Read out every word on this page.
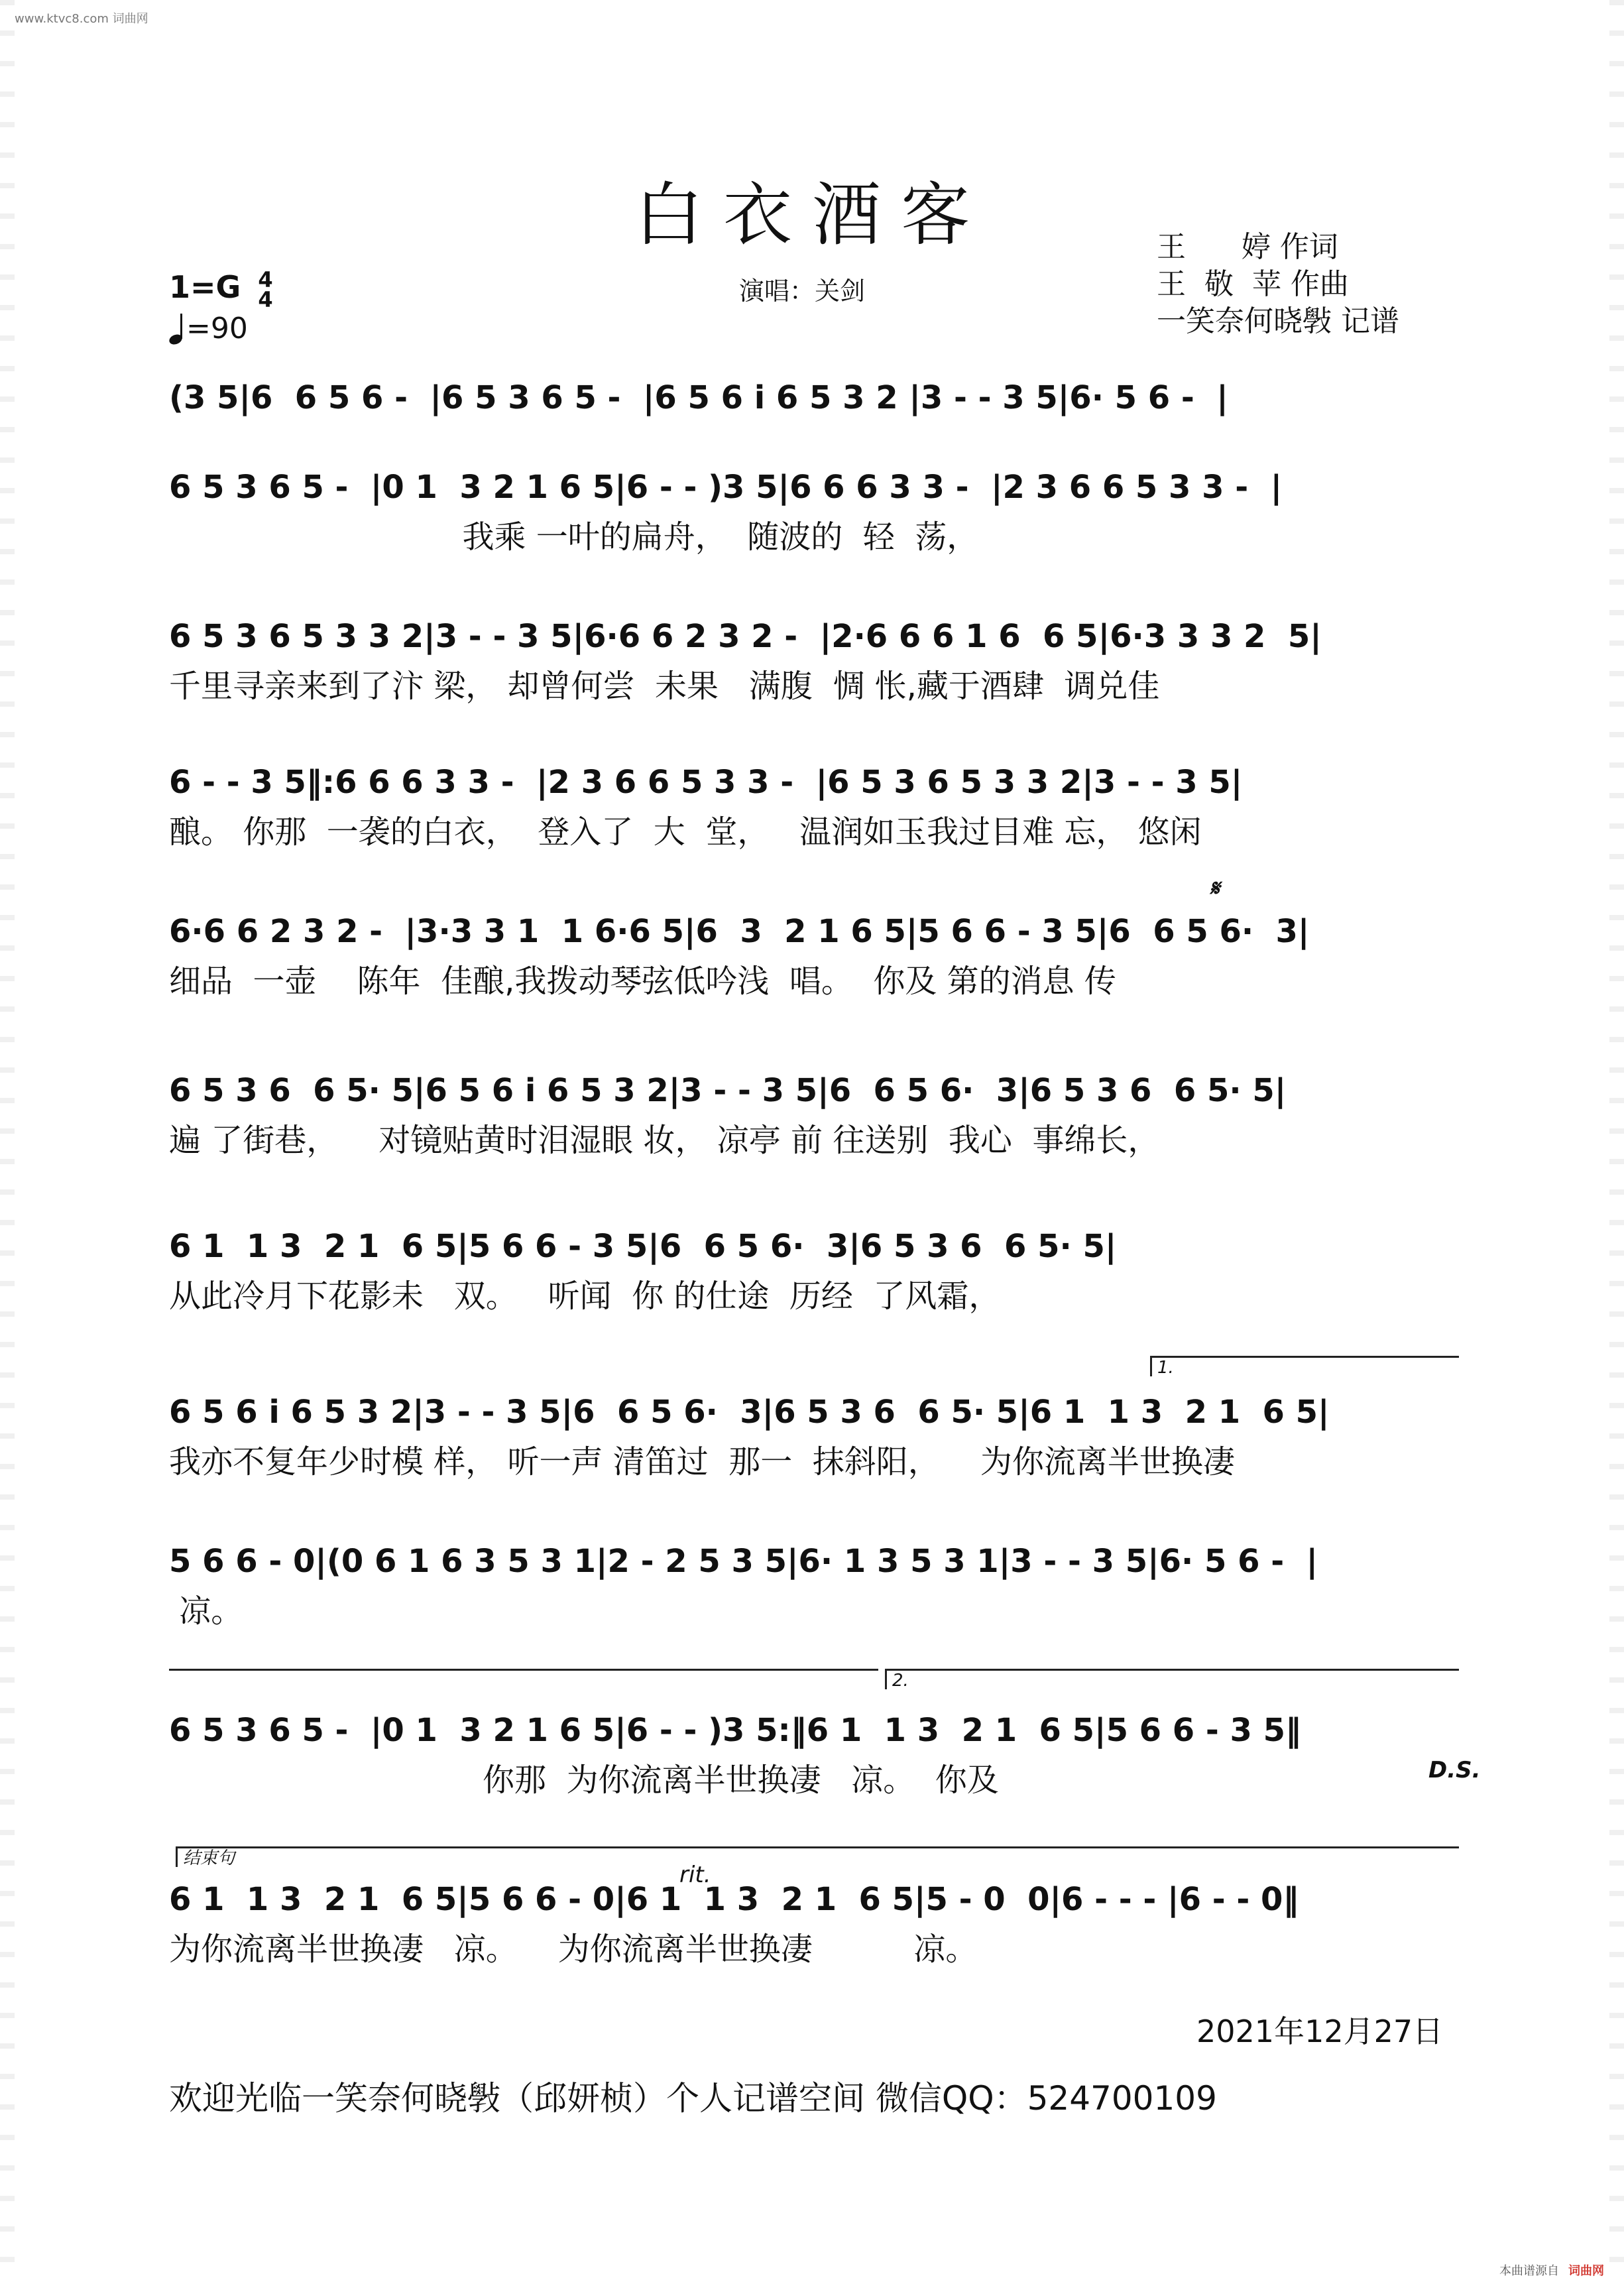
www.ktvc8.com 词曲网
白衣酒客	王      婷 作词
王  敬  苹 作曲
一笑奈何晓斅 记谱
演唱：关剑
1=G 4
4
=90
(3 5|6  6 5 6 -  |6 5 3 6 5 -  |6 5 6 i 6 5 3 2 |3 - - 3 5|6· 5 6 -  |
6 5 3 6 5 -  |0 1  3 2 1 6 5|6 - - )3 5|6 6 6 3 3 -  |2 3 6 6 5 3 3 -  |
我乘 一叶的扁舟，  随波的  轻  荡，
6 5 3 6 5 3 3 2|3 - - 3 5|6·6 6 2 3 2 -  |2·6 6 6 1 6  6 5|6·3 3 3 2  5|
千里寻亲来到了汴 梁， 却曾何尝  未果   满腹  惆 怅,藏于酒肆  调兑佳
6 - - 3 5‖:6 6 6 3 3 -  |2 3 6 6 5 3 3 -  |6 5 3 6 5 3 3 2|3 - - 3 5|
酿。 你那  一袭的白衣，  登入了  大  堂，   温润如玉我过目难 忘， 悠闲
𝄋
6·6 6 2 3 2 -  |3·3 3 1  1 6·6 5|6  3  2 1 6 5|5 6 6 - 3 5|6  6 5 6·  3|
细品  一壶    陈年  佳酿,我拨动琴弦低吟浅  唱。  你及 第的消息 传
6 5 3 6  6 5· 5|6 5 6 i 6 5 3 2|3 - - 3 5|6  6 5 6·  3|6 5 3 6  6 5· 5|
遍 了街巷，    对镜贴黄时泪湿眼 妆， 凉亭 前 往送别  我心  事绵长，
6 1  1 3  2 1  6 5|5 6 6 - 3 5|6  6 5 6·  3|6 5 3 6  6 5· 5|
从此冷月下花影未   双。   听闻  你 的仕途  历经  了风霜，
1.
6 5 6 i 6 5 3 2|3 - - 3 5|6  6 5 6·  3|6 5 3 6  6 5· 5|6 1  1 3  2 1  6 5|
我亦不复年少时模 样， 听一声 清笛过  那一  抹斜阳，    为你流离半世换凄
5 6 6 - 0|(0 6 1 6 3 5 3 1|2 - 2 5 3 5|6· 1 3 5 3 1|3 - - 3 5|6· 5 6 -  |
凉。
2.
6 5 3 6 5 -  |0 1  3 2 1 6 5|6 - - )3 5:‖6 1  1 3  2 1  6 5|5 6 6 - 3 5‖
你那  为你流离半世换凄   凉。  你及	D.S.
结束句
rit.
6 1  1 3  2 1  6 5|5 6 6 - 0|6 1  1 3  2 1  6 5|5 - 0  0|6 - - - |6 - - 0‖
为你流离半世换凄   凉。    为你流离半世换凄          凉。
2021年12月27日
欢迎光临一笑奈何晓斅（邱妍桢）个人记谱空间 微信QQ：524700109
本曲谱源自 词曲网
